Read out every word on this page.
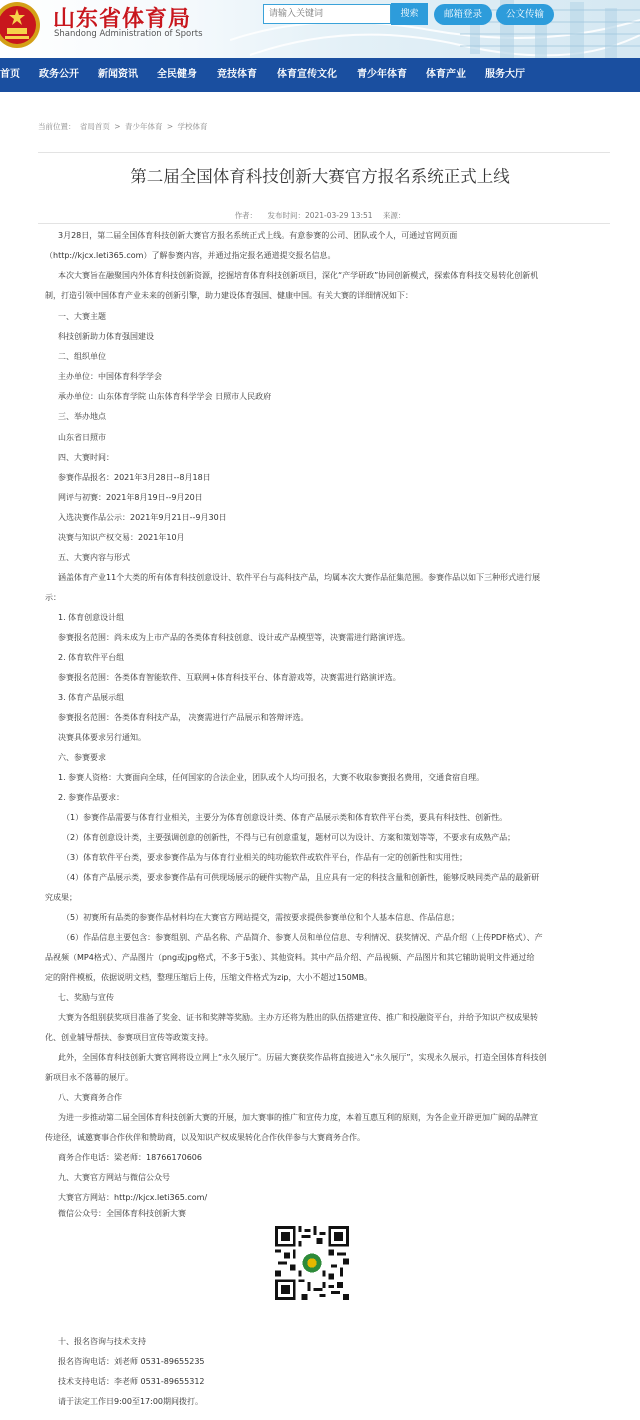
山东省体育局
Shandong Administration of Sports
请输入关键词
搜索	邮箱登录	公文传输
首页 政务公开 新闻资讯 全民健身 竞技体育 体育宣传文化 青少年体育 体育产业 服务大厅
当前位置： 省局首页 > 青少年体育 > 学校体育
第二届全国体育科技创新大赛官方报名系统正式上线
作者： 发布时间：2021-03-29 13:51 来源：
3月28日，第二届全国体育科技创新大赛官方报名系统正式上线。有意参赛的公司、团队或个人，可通过官网页面
（http://kjcx.leti365.com）了解参赛内容，并通过指定报名通道提交报名信息。
本次大赛旨在融聚国内外体育科技创新资源，挖掘培育体育科技创新项目，深化“产学研政”协同创新模式，探索体育科技交易转化创新机
制，打造引领中国体育产业未来的创新引擎，助力建设体育强国、健康中国。有关大赛的详细情况如下：
一、大赛主题
科技创新助力体育强国建设
二、组织单位
主办单位：中国体育科学学会
承办单位：山东体育学院 山东体育科学学会 日照市人民政府
三、举办地点
山东省日照市
四、大赛时间：
参赛作品报名：2021年3月28日--8月18日
网评与初赛：2021年8月19日--9月20日
入选决赛作品公示：2021年9月21日--9月30日
决赛与知识产权交易：2021年10月
五、大赛内容与形式
涵盖体育产业11个大类的所有体育科技创意设计、软件平台与高科技产品，均属本次大赛作品征集范围。参赛作品以如下三种形式进行展
示：
1. 体育创意设计组
参赛报名范围：尚未成为上市产品的各类体育科技创意、设计或产品模型等，决赛需进行路演评选。
2. 体育软件平台组
参赛报名范围：各类体育智能软件、互联网+体育科技平台、体育游戏等，决赛需进行路演评选。
3. 体育产品展示组
参赛报名范围：各类体育科技产品， 决赛需进行产品展示和答辩评选。
决赛具体要求另行通知。
六、参赛要求
1. 参赛人资格：大赛面向全球，任何国家的合法企业，团队或个人均可报名，大赛不收取参赛报名费用，交通食宿自理。
2. 参赛作品要求：
（1）参赛作品需要与体育行业相关，主要分为体育创意设计类、体育产品展示类和体育软件平台类，要具有科技性、创新性。
（2）体育创意设计类，主要强调创意的创新性，不得与已有创意重复，题材可以为设计、方案和策划等等，不要求有成熟产品；
（3）体育软件平台类，要求参赛作品为与体育行业相关的纯功能软件或软件平台，作品有一定的创新性和实用性；
（4）体育产品展示类，要求参赛作品有可供现场展示的硬件实物产品，且应具有一定的科技含量和创新性，能够反映同类产品的最新研
究成果；
（5）初赛所有品类的参赛作品材料均在大赛官方网站提交，需按要求提供参赛单位和个人基本信息、作品信息；
（6）作品信息主要包含：参赛组别、产品名称、产品简介、参赛人员和单位信息、专利情况、获奖情况、产品介绍（上传PDF格式）、产
品视频（MP4格式）、产品图片（png或jpg格式，不多于5张）、其他资料。其中产品介绍、产品视频、产品图片和其它辅助说明文件通过给
定的附件模板，依据说明文档，整理压缩后上传，压缩文件格式为zip，大小不超过150MB。
七、奖励与宣传
大赛为各组别获奖项目准备了奖金、证书和奖牌等奖励。主办方还将为胜出的队伍搭建宣传、推广和投融资平台，并给予知识产权成果转
化、创业辅导帮扶、参赛项目宣传等政策支持。
此外，全国体育科技创新大赛官网将设立网上“永久展厅”。历届大赛获奖作品将直接进入“永久展厅”，实现永久展示，打造全国体育科技创
新项目永不落幕的展厅。
八、大赛商务合作
为进一步推动第二届全国体育科技创新大赛的开展，加大赛事的推广和宣传力度，本着互惠互利的原则，为各企业开辟更加广阔的品牌宣
传途径，诚邀赛事合作伙伴和赞助商，以及知识产权成果转化合作伙伴参与大赛商务合作。
商务合作电话：梁老师：18766170606
九、大赛官方网站与微信公众号
大赛官方网站：http://kjcx.leti365.com/
微信公众号：全国体育科技创新大赛
十、报名咨询与技术支持
报名咨询电话：刘老师 0531-89655235
技术支持电话：李老师 0531-89655312
请于法定工作日9:00至17:00期间拨打。
